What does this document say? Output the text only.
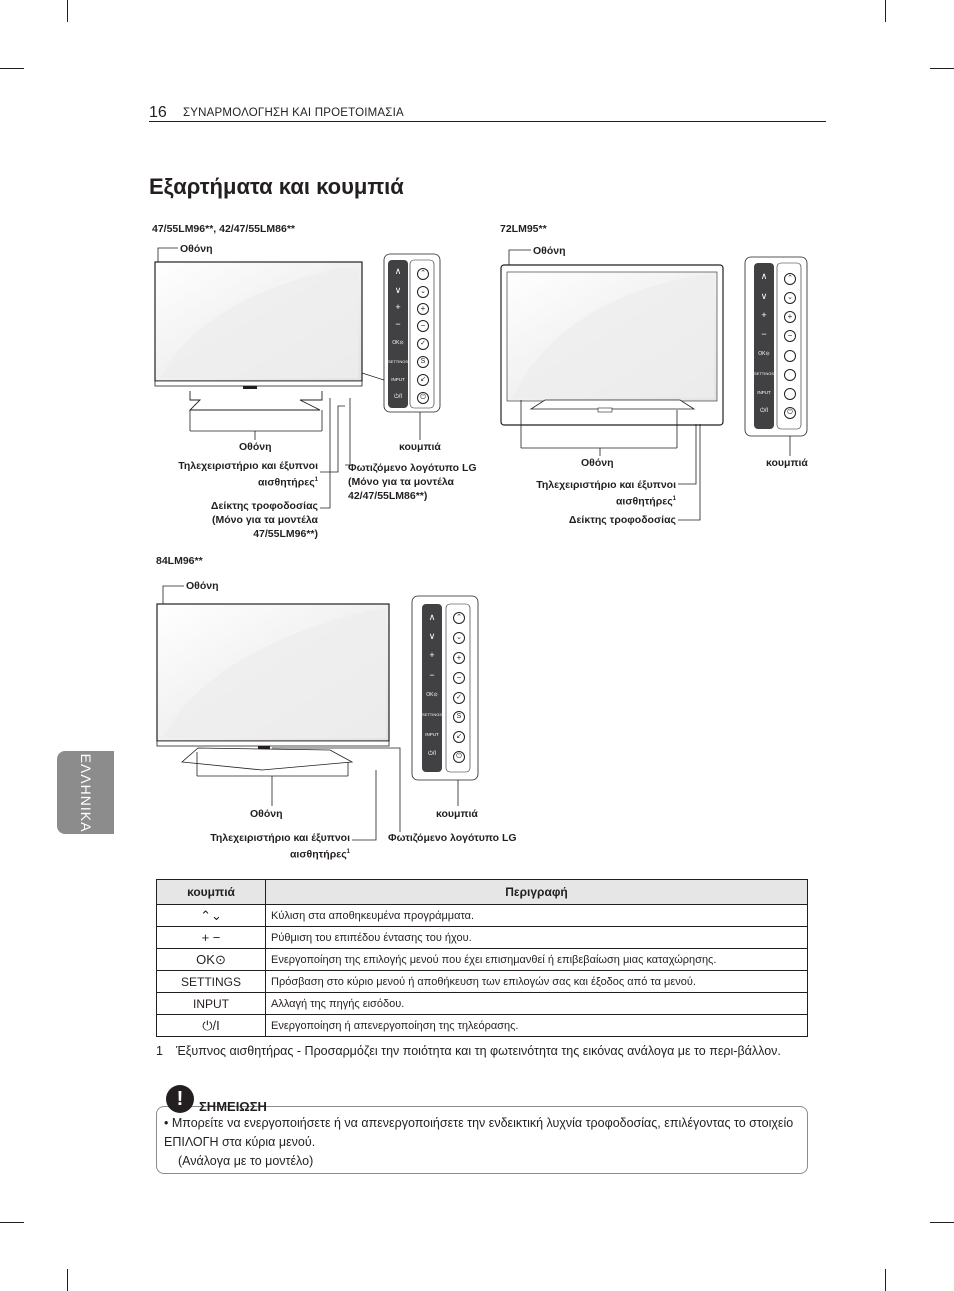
16 ΣΥΝΑΡΜΟΛΟΓΗΣΗ ΚΑΙ ΠΡΟΕΤΟΙΜΑΣΙΑ
Εξαρτήματα και κουμπιά
ΕΛΛΗΝΙΚΑ
47/55LM96**, 42/47/55LM86**
Οθόνη
∧
∨
+
−
OK⊙
SETTINGS
INPUT
⏻/I
⌃
⌄
+
−
✓
S
↙
⏻
Οθόνη	κουμπιά
Τηλεχειριστήριο και έξυπνοι αισθητήρες$^1$
Φωτιζόμενο λογότυπο LG (Μόνο για τα μοντέλα 42/47/55LM86**)
Δείκτης τροφοδοσίας (Μόνο για τα μοντέλα 47/55LM96**)
72LM95**
Οθόνη
∧
∨
+
−
OK⊙
SETTINGS
INPUT
⏻/I
⌃
⌄
+
−
⏻
Οθόνη	κουμπιά
Τηλεχειριστήριο και έξυπνοι αισθητήρες$^1$
Δείκτης τροφοδοσίας
84LM96**
Οθόνη
∧
∨
+
−
OK⊙
SETTINGS
INPUT
⏻/I
⌃
⌄
+
−
✓
S
↙
⏻
Οθόνη	κουμπιά
Τηλεχειριστήριο και έξυπνοι αισθητήρες$^1$
Φωτιζόμενο λογότυπο LG
κουμπιά	Περιγραφή
⌃⌄	Κύλιση στα αποθηκευμένα προγράμματα.
+ −	Ρύθμιση του επιπέδου έντασης του ήχου.
OK⊙	Ενεργοποίηση της επιλογής μενού που έχει επισημανθεί ή επιβεβαίωση μιας καταχώρησης.
SETTINGS	Πρόσβαση στο κύριο μενού ή αποθήκευση των επιλογών σας και έξοδος από τα μενού.
INPUT	Αλλαγή της πηγής εισόδου.
⏻/I	Ενεργοποίηση ή απενεργοποίηση της τηλεόρασης.
1 Έξυπνος αισθητήρας - Προσαρμόζει την ποιότητα και τη φωτεινότητα της εικόνας ανάλογα με το περι-βάλλον.
!	ΣΗΜΕΙΩΣΗ
• Μπορείτε να ενεργοποιήσετε ή να απενεργοποιήσετε την ενδεικτική λυχνία τροφοδοσίας, επιλέγοντας το στοιχείο ΕΠΙΛΟΓΗ στα κύρια μενού.
(Ανάλογα με το μοντέλο)
